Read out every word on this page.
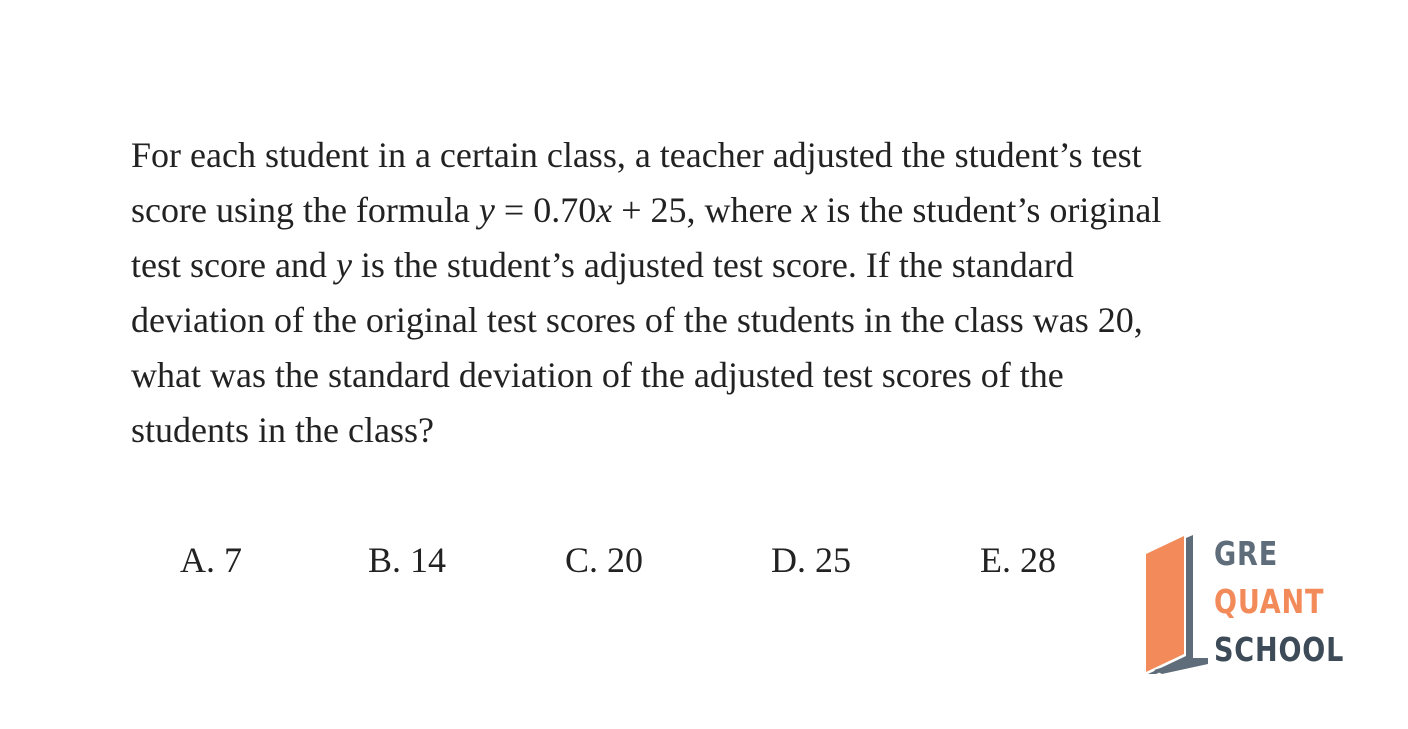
For each student in a certain class, a teacher adjusted the student’s test
score using the formula y = 0.70x + 25, where x is the student’s original
test score and y is the student’s adjusted test score. If the standard
deviation of the original test scores of the students in the class was 20,
what was the standard deviation of the adjusted test scores of the
students in the class?
A. 7	B. 14	C. 20	D. 25	E. 28	GRE
QUANT
SCHOOL
